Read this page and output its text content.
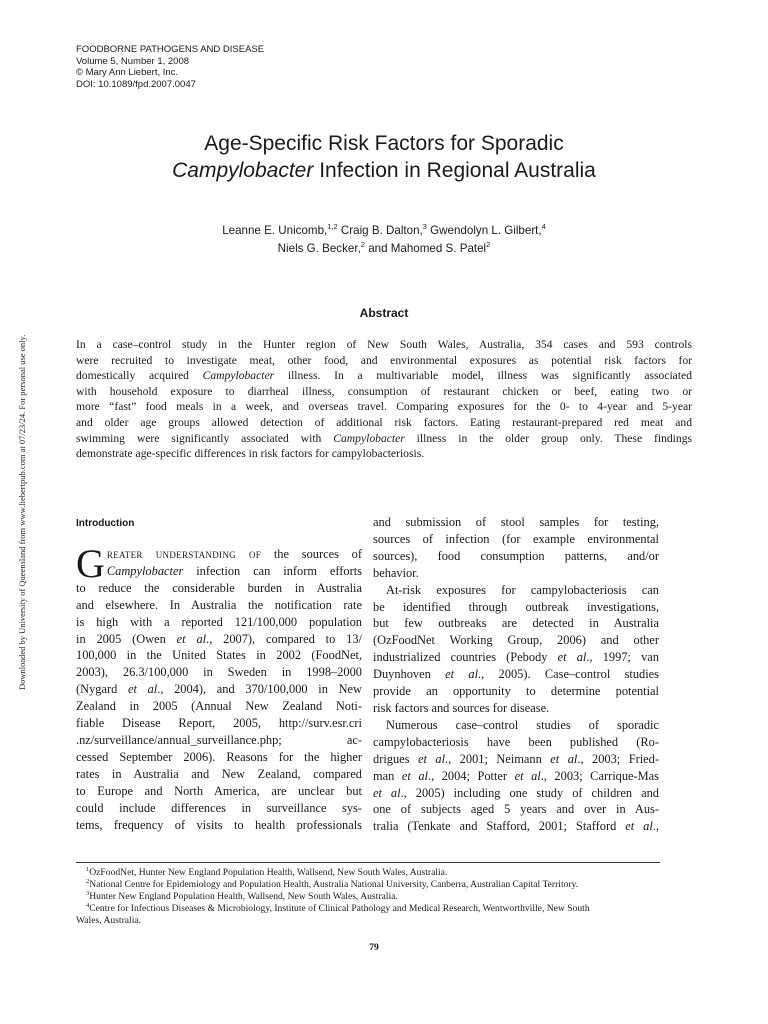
FOODBORNE PATHOGENS AND DISEASE
Volume 5, Number 1, 2008
© Mary Ann Liebert, Inc.
DOI: 10.1089/fpd.2007.0047
Age-Specific Risk Factors for Sporadic
Campylobacter Infection in Regional Australia
Leanne E. Unicomb,$^{1,2}$ Craig B. Dalton,$^3$ Gwendolyn L. Gilbert,$^4$
Niels G. Becker,$^2$ and Mahomed S. Patel$^2$
Abstract
In a case–control study in the Hunter region of New South Wales, Australia, 354 cases and 593 controls
were recruited to investigate meat, other food, and environmental exposures as potential risk factors for
domestically acquired Campylobacter illness. In a multivariable model, illness was significantly associated
with household exposure to diarrheal illness, consumption of restaurant chicken or beef, eating two or
more “fast” food meals in a week, and overseas travel. Comparing exposures for the 0- to 4-year and 5-year
and older age groups allowed detection of additional risk factors. Eating restaurant-prepared red meat and
swimming were significantly associated with Campylobacter illness in the older group only. These findings
demonstrate age-specific differences in risk factors for campylobacteriosis.
Downloaded by University of Queensland from www.liebertpub.com at 07/23/24. For personal use only.	Introduction
G reater understanding of the sources of
Campylobacter infection can inform efforts
to reduce the considerable burden in Australia
and elsewhere. In Australia the notification rate
is high with a reported 121/100,000 population
in 2005 (Owen et al., 2007), compared to 13/
100,000 in the United States in 2002 (FoodNet,
2003), 26.3/100,000 in Sweden in 1998–2000
(Nygard et al., 2004), and 370/100,000 in New
Zealand in 2005 (Annual New Zealand Noti-
fiable Disease Report, 2005, http://surv.esr.cri
.nz/surveillance/annual_surveillance.php; ac-
cessed September 2006). Reasons for the higher
rates in Australia and New Zealand, compared
to Europe and North America, are unclear but
could include differences in surveillance sys-
tems, frequency of visits to health professionals
and submission of stool samples for testing,
sources of infection (for example environmental
sources), food consumption patterns, and/or
behavior.
At-risk exposures for campylobacteriosis can
be identified through outbreak investigations,
but few outbreaks are detected in Australia
(OzFoodNet Working Group, 2006) and other
industrialized countries (Pebody et al., 1997; van
Duynhoven et al., 2005). Case–control studies
provide an opportunity to determine potential
risk factors and sources for disease.
Numerous case–control studies of sporadic
campylobacteriosis have been published (Ro-
drigues et al., 2001; Neimann et al., 2003; Fried-
man et al., 2004; Potter et al., 2003; Carrique-Mas
et al., 2005) including one study of children and
one of subjects aged 5 years and over in Aus-
tralia (Tenkate and Stafford, 2001; Stafford et al.,
$^1$OzFoodNet, Hunter New England Population Health, Wallsend, New South Wales, Australia.
$^2$National Centre for Epidemiology and Population Health, Australia National University, Canberra, Australian Capital Territory.
$^3$Hunter New England Population Health, Wallsend, New South Wales, Australia.
$^4$Centre for Infectious Diseases & Microbiology, Institute of Clinical Pathology and Medical Research, Wentworthville, New South
Wales, Australia.
79
